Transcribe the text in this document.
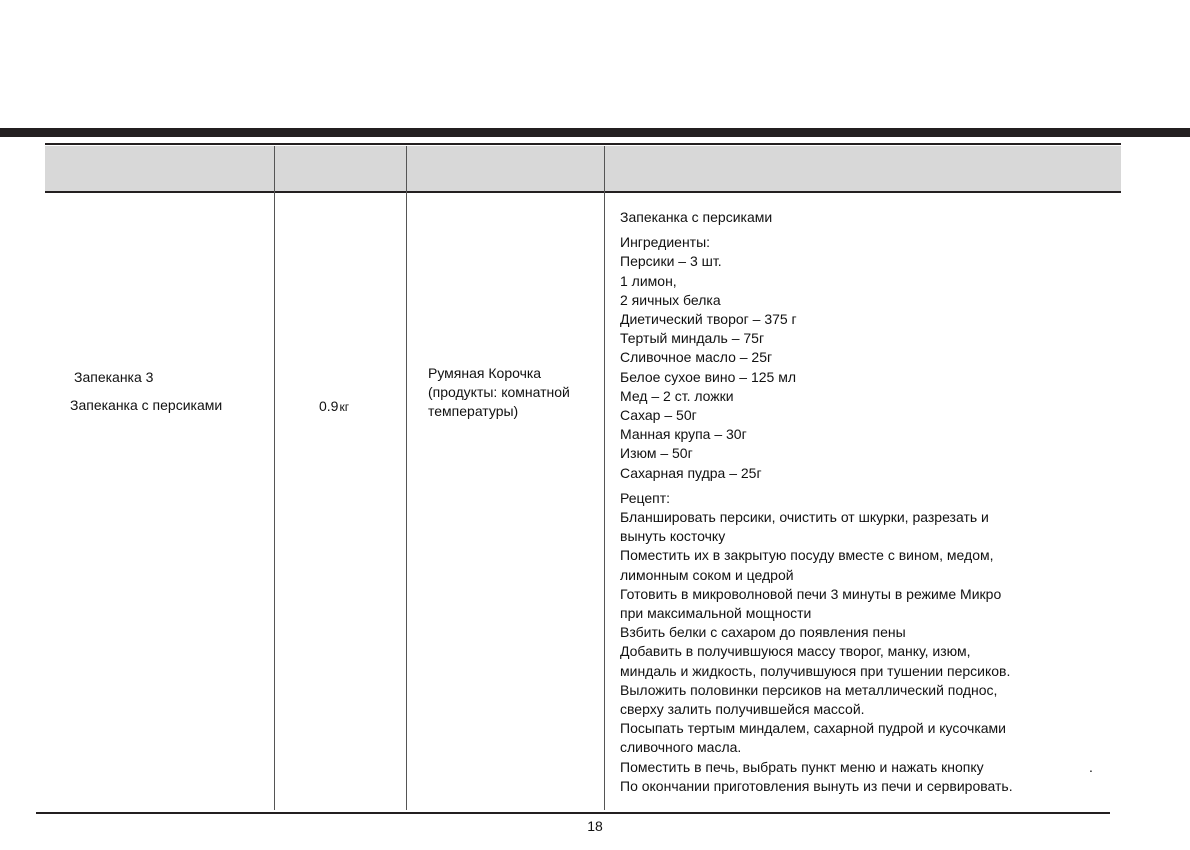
Запеканка 3
Запеканка с персиками	0.9кг
Румяная Корочка
(продукты: комнатной
температуры)
Запеканка с персиками
Ингредиенты:
Персики – 3 шт.
1 лимон,
2 яичных белка
Диетический творог – 375 г
Тертый миндаль – 75г
Сливочное масло – 25г
Белое сухое вино – 125 мл
Мед – 2 ст. ложки
Сахар – 50г
Манная крупа – 30г
Изюм – 50г
Сахарная пудра – 25г
Рецепт:
Бланшировать персики, очистить от шкурки, разрезать и
вынуть косточку
Поместить их в закрытую посуду вместе с вином, медом,
лимонным соком и цедрой
Готовить в микроволновой печи 3 минуты в режиме Микро
при максимальной мощности
Взбить белки с сахаром до появления пены
Добавить в получившуюся массу творог, манку, изюм,
миндаль и жидкость, получившуюся при тушении персиков.
Выложить половинки персиков на металлический поднос,
сверху залить получившейся массой.
Посыпать тертым миндалем, сахарной пудрой и кусочками
сливочного масла.
Поместить в печь, выбрать пункт меню и нажать кнопку
По окончании приготовления вынуть из печи и сервировать.
.
18
